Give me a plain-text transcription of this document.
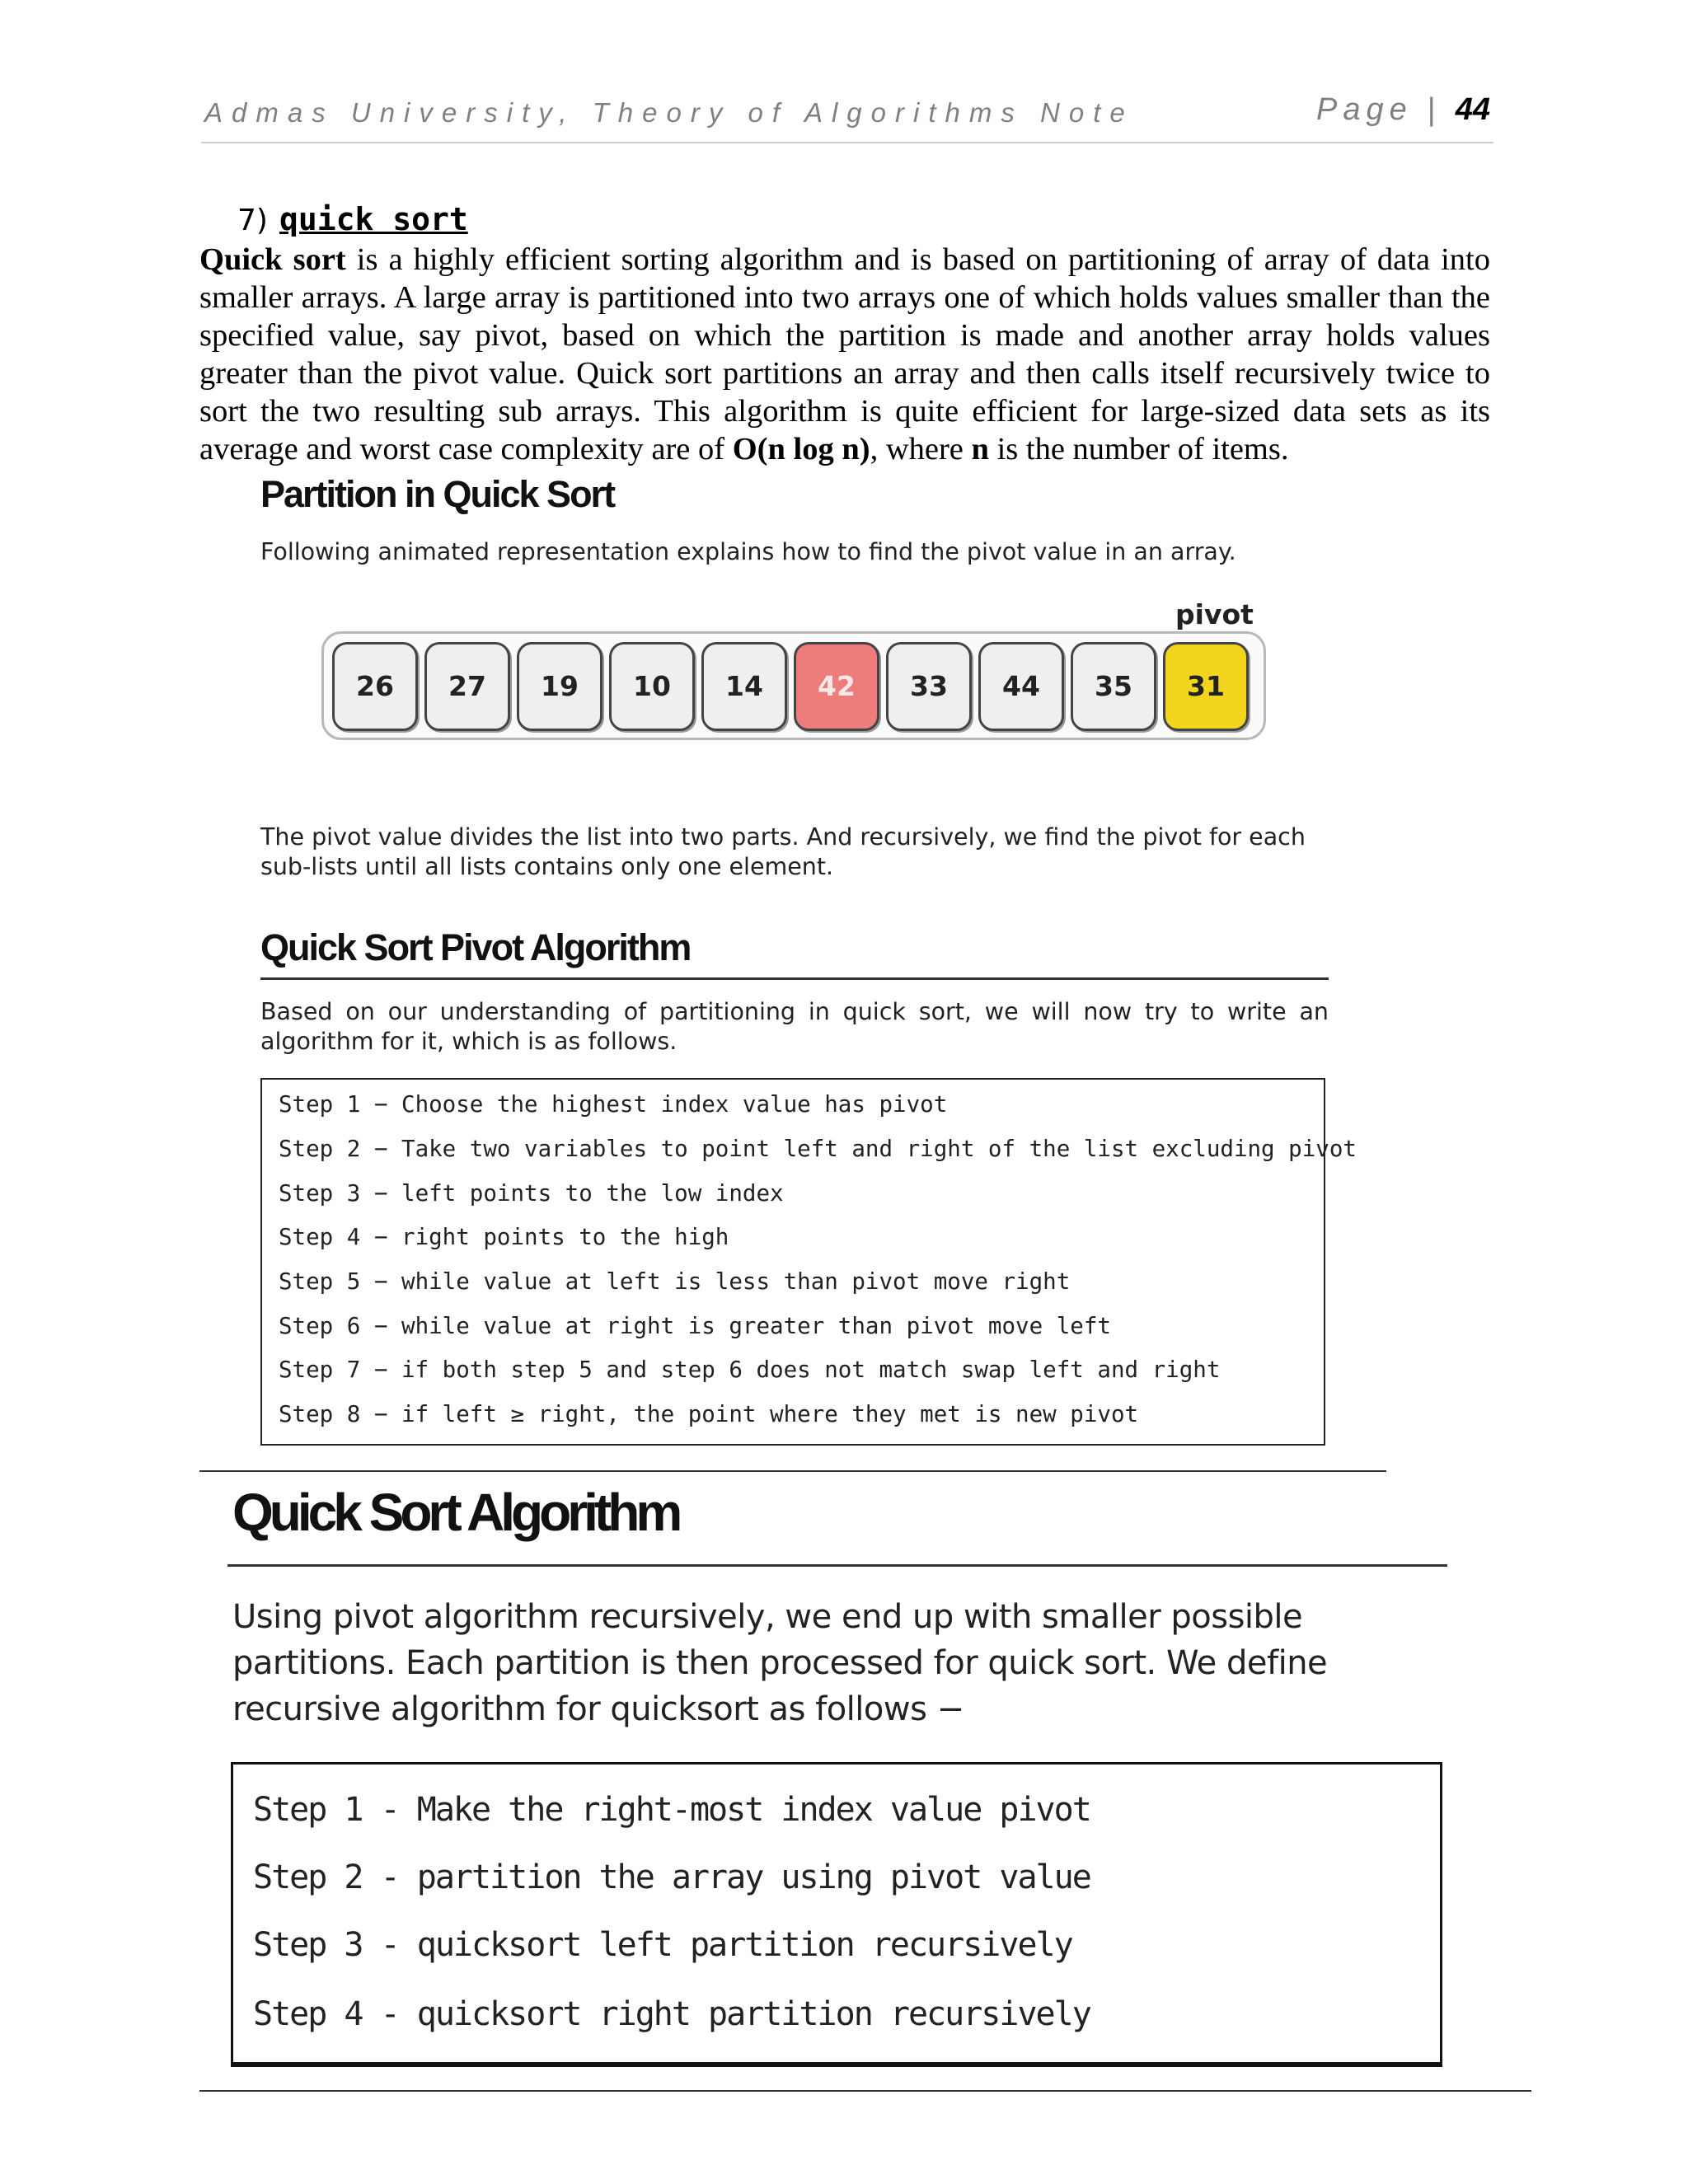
Admas University, Theory of Algorithms Note	Page | 44
7) quick sort

Quick sort is a highly efficient sorting algorithm and is based on partitioning of array of data into smaller arrays. A large array is partitioned into two arrays one of which holds values smaller than the specified value, say pivot, based on which the partition is made and another array holds values greater than the pivot value. Quick sort partitions an array and then calls itself recursively twice to sort the two resulting sub arrays. This algorithm is quite efficient for large-sized data sets as its average and worst case complexity are of O(n log n), where n is the number of items.

Partition in Quick Sort
Following animated representation explains how to find the pivot value in an array.
pivot
26	27	19	10	14	42	33	44	35	31
The pivot value divides the list into two parts. And recursively, we find the pivot for each sub-lists until all lists contains only one element.
Quick Sort Pivot Algorithm
Based on our understanding of partitioning in quick sort, we will now try to write an algorithm for it, which is as follows.
Step 1 − Choose the highest index value has pivot
Step 2 − Take two variables to point left and right of the list excluding pivot
Step 3 − left points to the low index
Step 4 − right points to the high
Step 5 − while value at left is less than pivot move right
Step 6 − while value at right is greater than pivot move left
Step 7 − if both step 5 and step 6 does not match swap left and right
Step 8 − if left ≥ right, the point where they met is new pivot
Quick Sort Algorithm
Using pivot algorithm recursively, we end up with smaller possible partitions. Each partition is then processed for quick sort. We define recursive algorithm for quicksort as follows −
Step 1 - Make the right-most index value pivot
Step 2 - partition the array using pivot value
Step 3 - quicksort left partition recursively
Step 4 - quicksort right partition recursively
